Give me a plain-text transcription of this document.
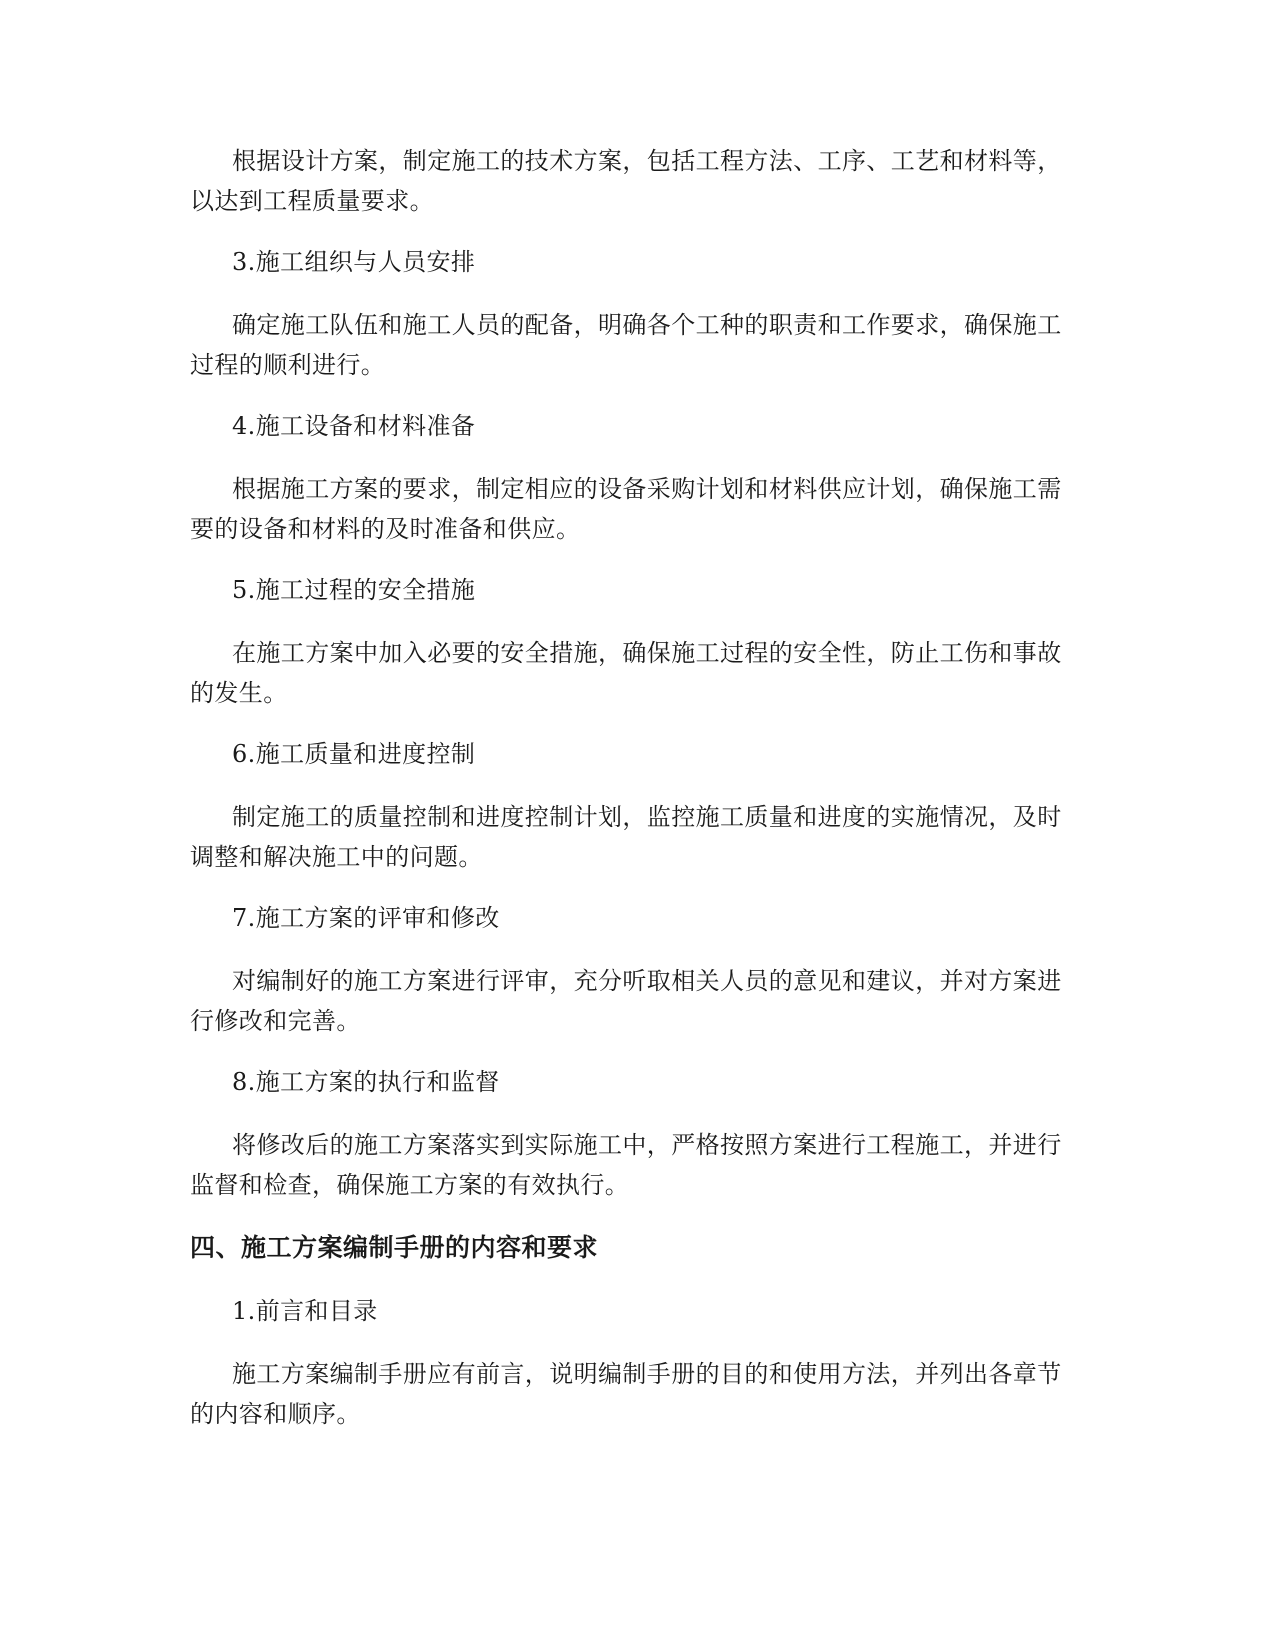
根据设计方案，制定施工的技术方案，包括工程方法、工序、工艺和材料等，
以达到工程质量要求。
3.施工组织与人员安排
确定施工队伍和施工人员的配备，明确各个工种的职责和工作要求，确保施工
过程的顺利进行。
4.施工设备和材料准备
根据施工方案的要求，制定相应的设备采购计划和材料供应计划，确保施工需
要的设备和材料的及时准备和供应。
5.施工过程的安全措施
在施工方案中加入必要的安全措施，确保施工过程的安全性，防止工伤和事故
的发生。
6.施工质量和进度控制
制定施工的质量控制和进度控制计划，监控施工质量和进度的实施情况，及时
调整和解决施工中的问题。
7.施工方案的评审和修改
对编制好的施工方案进行评审，充分听取相关人员的意见和建议，并对方案进
行修改和完善。
8.施工方案的执行和监督
将修改后的施工方案落实到实际施工中，严格按照方案进行工程施工，并进行
监督和检查，确保施工方案的有效执行。
四、施工方案编制手册的内容和要求
1.前言和目录
施工方案编制手册应有前言，说明编制手册的目的和使用方法，并列出各章节
的内容和顺序。
